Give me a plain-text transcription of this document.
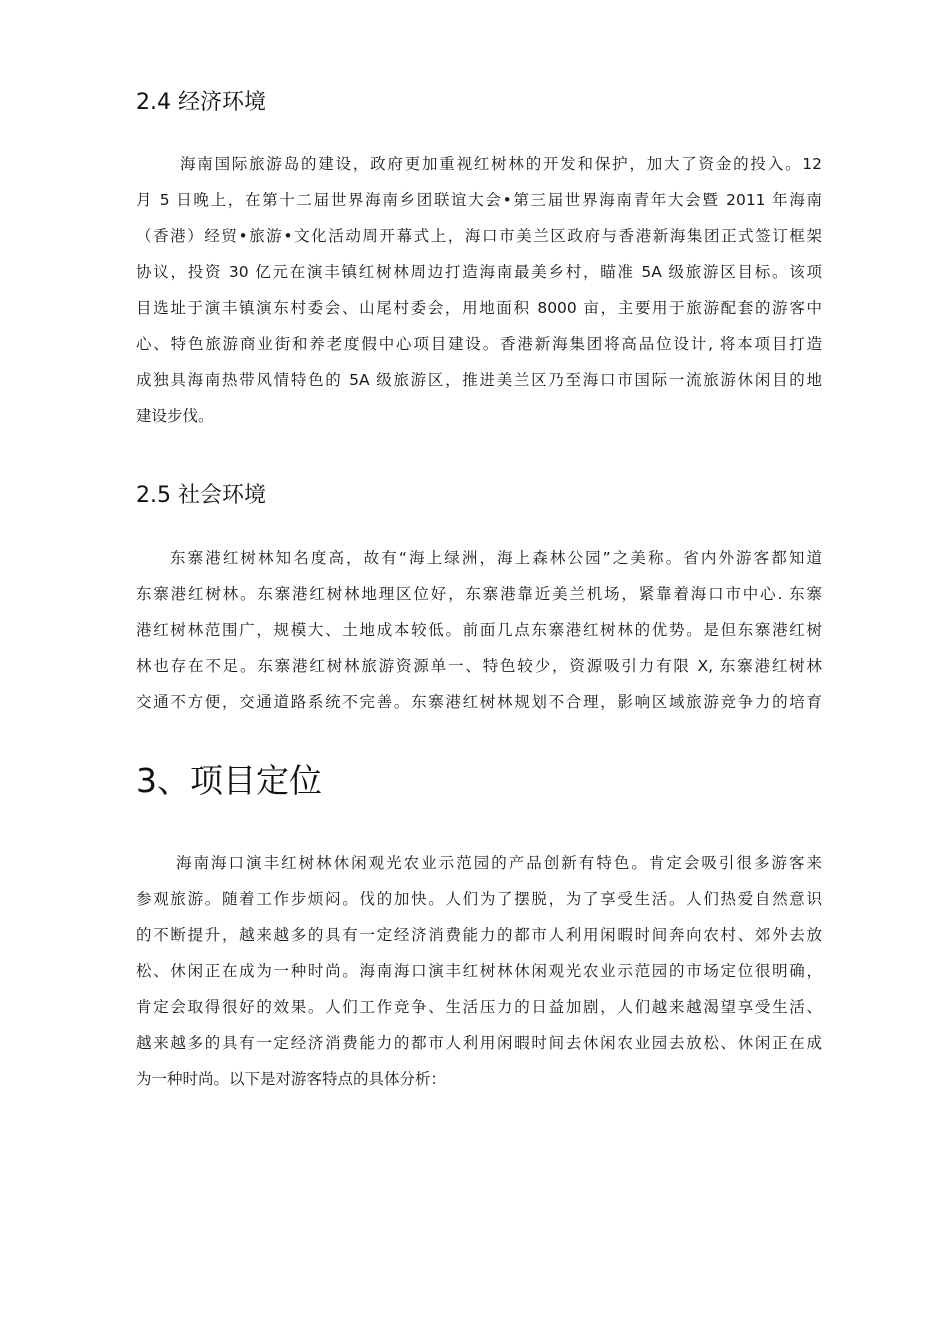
2.4 经济环境
海南国际旅游岛的建设，政府更加重视红树林的开发和保护，加大了资金的投入。12
月 5 日晚上，在第十二届世界海南乡团联谊大会•第三届世界海南青年大会暨 2011 年海南
（香港）经贸•旅游•文化活动周开幕式上，海口市美兰区政府与香港新海集团正式签订框架
协议，投资 30 亿元在演丰镇红树林周边打造海南最美乡村，瞄准 5A 级旅游区目标。该项
目选址于演丰镇演东村委会、山尾村委会，用地面积 8000 亩，主要用于旅游配套的游客中
心、特色旅游商业街和养老度假中心项目建设。香港新海集团将高品位设计, 将本项目打造
成独具海南热带风情特色的 5A 级旅游区，推进美兰区乃至海口市国际一流旅游休闲目的地
建设步伐。
2.5 社会环境
东寨港红树林知名度高，故有“海上绿洲，海上森林公园”之美称。省内外游客都知道
东寨港红树林。东寨港红树林地理区位好，东寨港靠近美兰机场，紧靠着海口市中心. 东寨
港红树林范围广，规模大、土地成本较低。前面几点东寨港红树林的优势。是但东寨港红树
林也存在不足。东寨港红树林旅游资源单一、特色较少，资源吸引力有限 X, 东寨港红树林
交通不方便，交通道路系统不完善。东寨港红树林规划不合理，影响区域旅游竞争力的培育
3、项目定位
海南海口演丰红树林休闲观光农业示范园的产品创新有特色。肯定会吸引很多游客来
参观旅游。随着工作步烦闷。伐的加快。人们为了摆脱，为了享受生活。人们热爱自然意识
的不断提升，越来越多的具有一定经济消费能力的都市人利用闲暇时间奔向农村、郊外去放
松、休闲正在成为一种时尚。海南海口演丰红树林休闲观光农业示范园的市场定位很明确，
肯定会取得很好的效果。人们工作竞争、生活压力的日益加剧，人们越来越渴望享受生活、
越来越多的具有一定经济消费能力的都市人利用闲暇时间去休闲农业园去放松、休闲正在成
为一种时尚。以下是对游客特点的具体分析：
